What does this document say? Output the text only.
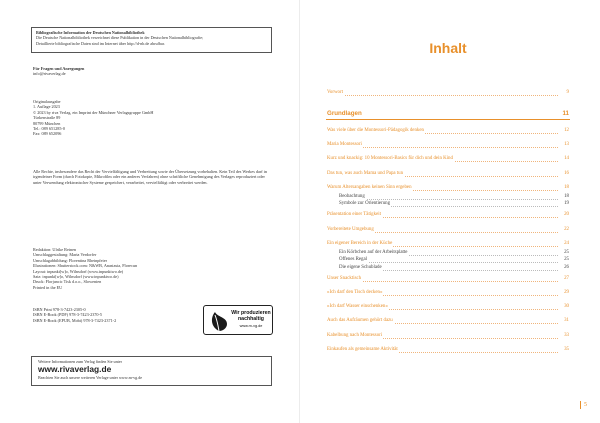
Bibliografische Information der Deutschen Nationalbibliothek
Die Deutsche Nationalbibliothek verzeichnet diese Publikation in der Deutschen Nationalbibliografie;
Detaillierte bibliografische Daten sind im Internet über http://d-nb.de abrufbar.
Für Fragen und Anregungen
info@rivaverlag.de
Originalausgabe
1. Auflage 2023
© 2023 by riva Verlag, ein Imprint der Münchner Verlagsgruppe GmbH
Türkenstraße 89
80799 München
Tel.: 089 651285-0
Fax: 089 652096
Alle Rechte, insbesondere das Recht der Vervielfältigung und Verbreitung sowie der Übersetzung vorbehalten. Kein Teil des Werkes darf in irgendeiner Form (durch Fotokopie, Mikrofilm oder ein anderes Verfahren) ohne schriftliche Genehmigung des Verlages reproduziert oder unter Verwendung elektronischer Systeme gespeichert, verarbeitet, vervielfältigt oder verbreitet werden.
Redaktion: Ulrike Reinen
Umschlaggestaltung: Maria Verdorfer
Umschlagabbildung: Florentina Rheinpfeier
Illustrationen: Shutterstock.com: N&WB, Anastasia, Florecun
Layout: inpunkt[w]o, Wilnsdorf (www.inpunktwo.de)
Satz: inpunkt[w]o, Wilnsdorf (www.inpunktwo.de)
Druck: Florjancic Tisk d.o.o., Slowenien
Printed in the EU
ISBN Print 978-3-7423-2305-0
ISBN E-Book (PDF) 978-3-7423-2370-5
ISBN E-Book (EPUB, Mobi) 978-3-7423-2371-2
Wir produzieren
nachhaltig
www.m-vg.de
Weitere Informationen zum Verlag finden Sie unter
www.rivaverlag.de
Beachten Sie auch unsere weiteren Verlage unter www.m-vg.de
Inhalt
Vorwort	9
Grundlagen	11
Was viele über die Montessori-Pädagogik denken	12
Maria Montessori	13
Kurz und knackig: 10 Montessori-Basics für dich und dein Kind	14
Das tun, was auch Mama und Papa tun	16
Warum Altersangaben keinen Sinn ergeben	18
Beobachtung	18
Symbole zur Orientierung	19
Präsentation einer Tätigkeit	20
Vorbereitete Umgebung	22
Ein eigener Bereich in der Küche	24
Ein Körbchen auf der Arbeitsplatte	25
Offenes Regal	25
Die eigene Schublade	26
Unser Snacktisch	27
»Ich darf den Tisch decken«	29
»Ich darf Wasser einschenken«	30
Auch das Aufräumen gehört dazu	31
Kabelbung nach Montessori	33
Einkaufen als gemeinsame Aktivität	35
5
